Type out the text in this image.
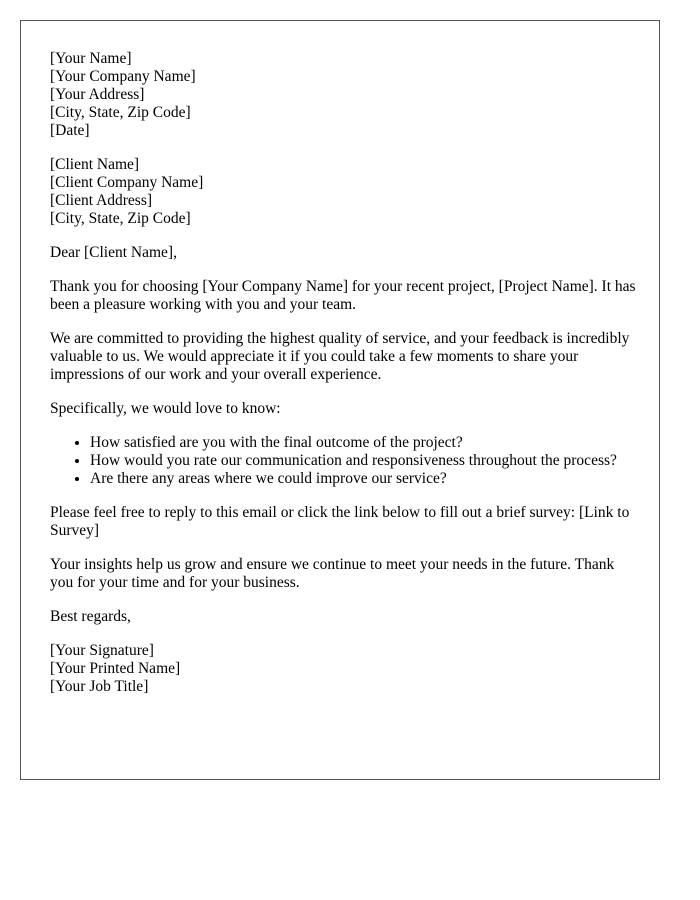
[Your Name]
[Your Company Name]
[Your Address]
[City, State, Zip Code]
[Date]
[Client Name]
[Client Company Name]
[Client Address]
[City, State, Zip Code]

Dear [Client Name],

Thank you for choosing [Your Company Name] for your recent project, [Project Name]. It has been a pleasure working with you and your team.

We are committed to providing the highest quality of service, and your feedback is incredibly valuable to us. We would appreciate it if you could take a few moments to share your impressions of our work and your overall experience.

Specifically, we would love to know:

• How satisfied are you with the final outcome of the project?
• How would you rate our communication and responsiveness throughout the process?
• Are there any areas where we could improve our service?

Please feel free to reply to this email or click the link below to fill out a brief survey: [Link to Survey]

Your insights help us grow and ensure we continue to meet your needs in the future. Thank you for your time and for your business.

Best regards,

[Your Signature]
[Your Printed Name]
[Your Job Title]
